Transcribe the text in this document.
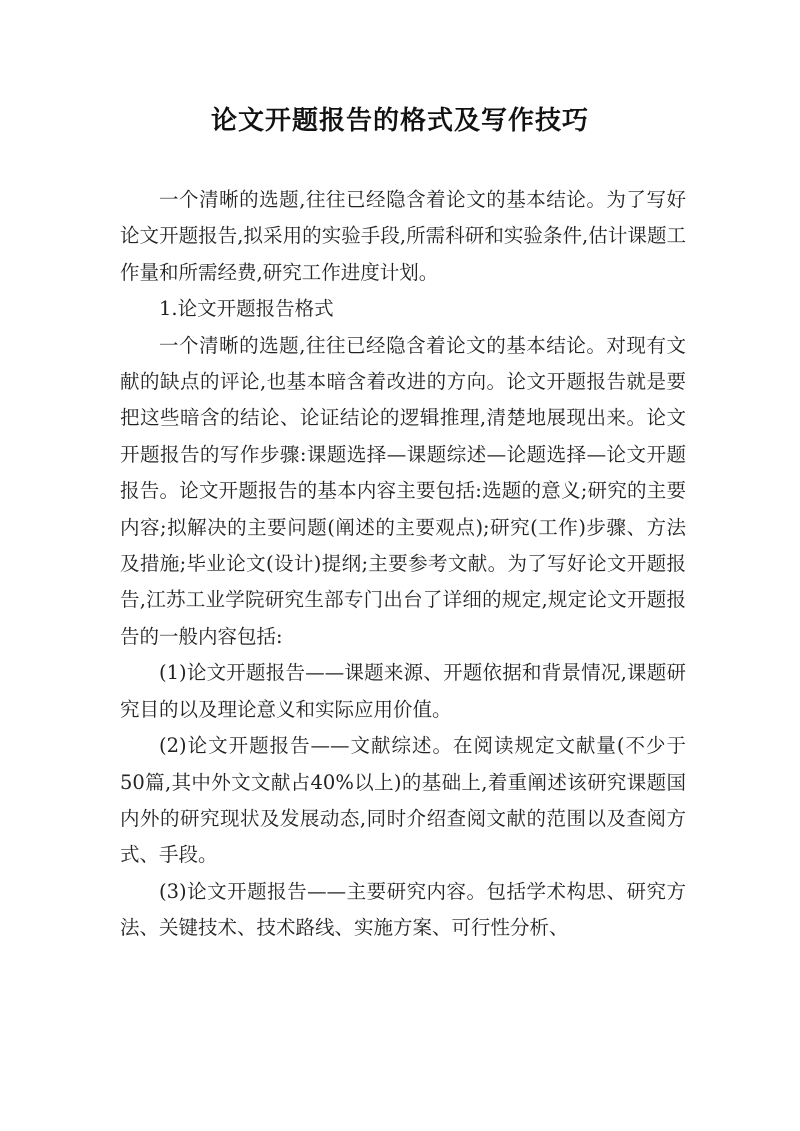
论文开题报告的格式及写作技巧

一个清晰的选题,往往已经隐含着论文的基本结论。为了写好论文开题报告,拟采用的实验手段,所需科研和实验条件,估计课题工作量和所需经费,研究工作进度计划。

1.论文开题报告格式

一个清晰的选题,往往已经隐含着论文的基本结论。对现有文献的缺点的评论,也基本暗含着改进的方向。论文开题报告就是要把这些暗含的结论、论证结论的逻辑推理,清楚地展现出来。论文开题报告的写作步骤:课题选择—课题综述—论题选择—论文开题报告。论文开题报告的基本内容主要包括:选题的意义;研究的主要内容;拟解决的主要问题(阐述的主要观点);研究(工作)步骤、方法及措施;毕业论文(设计)提纲;主要参考文献。为了写好论文开题报告,江苏工业学院研究生部专门出台了详细的规定,规定论文开题报告的一般内容包括:

(1)论文开题报告——课题来源、开题依据和背景情况,课题研究目的以及理论意义和实际应用价值。

(2)论文开题报告——文献综述。在阅读规定文献量(不少于50篇,其中外文文献占40%以上)的基础上,着重阐述该研究课题国内外的研究现状及发展动态,同时介绍查阅文献的范围以及查阅方式、手段。

(3)论文开题报告——主要研究内容。包括学术构思、研究方法、关键技术、技术路线、实施方案、可行性分析、
